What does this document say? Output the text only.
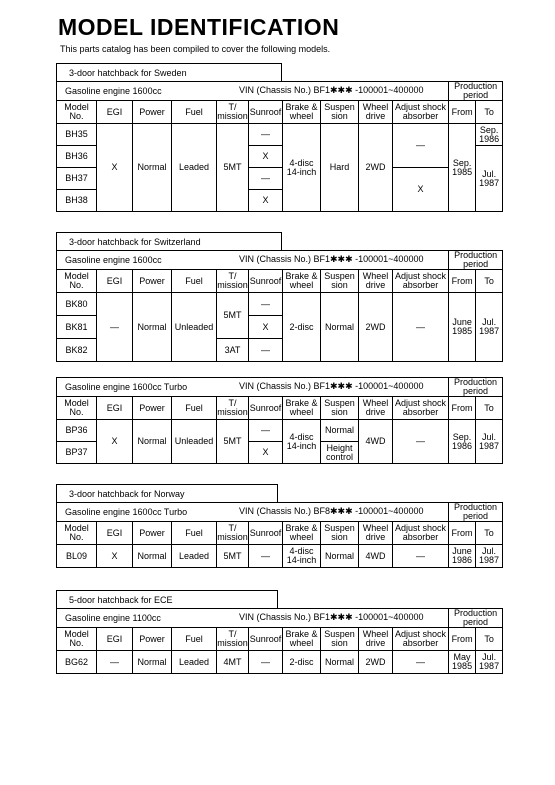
MODEL IDENTIFICATION
This parts catalog has been compiled to cover the following models.
3-door hatchback for Sweden
Gasoline engine 1600cc VIN (Chassis No.) BF1✱✱✱ -100001~400000										Production period	
Model No.	EGI	Power	Fuel	T/ mission	Sunroof	Brake & wheel	Suspen sion	Wheel drive	Adjust shock absorber	From	To
BH35	X	Normal	Leaded	5MT	—	4-disc 14-inch	Hard	2WD	—	Sep. 1985	Sep. 1986
BH36					X						Jul. 1987
BH37					—				X		
BH38					X						
3-door hatchback for Switzerland
Gasoline engine 1600cc VIN (Chassis No.) BF1✱✱✱ -100001~400000										Production period	
Model No.	EGI	Power	Fuel	T/ mission	Sunroof	Brake & wheel	Suspen sion	Wheel drive	Adjust shock absorber	From	To
BK80	—	Normal	Unleaded	5MT	—	2-disc	Normal	2WD	—	June 1985	Jul. 1987
BK81					X						
BK82				3AT	—						
Gasoline engine 1600cc Turbo VIN (Chassis No.) BF1✱✱✱ -100001~400000										Production period	
Model No.	EGI	Power	Fuel	T/ mission	Sunroof	Brake & wheel	Suspen sion	Wheel drive	Adjust shock absorber	From	To
BP36	X	Normal	Unleaded	5MT	—	4-disc 14-inch	Normal	4WD	—	Sep. 1986	Jul. 1987
BP37					X		Height control				
3-door hatchback for Norway
Gasoline engine 1600cc Turbo VIN (Chassis No.) BF8✱✱✱ -100001~400000										Production period	
Model No.	EGI	Power	Fuel	T/ mission	Sunroof	Brake & wheel	Suspen sion	Wheel drive	Adjust shock absorber	From	To
BL09	X	Normal	Leaded	5MT	—	4-disc 14-inch	Normal	4WD	—	June 1986	Jul. 1987
5-door hatchback for ECE
Gasoline engine 1100cc VIN (Chassis No.) BF1✱✱✱ -100001~400000										Production period	
Model No.	EGI	Power	Fuel	T/ mission	Sunroof	Brake & wheel	Suspen sion	Wheel drive	Adjust shock absorber	From	To
BG62	—	Normal	Leaded	4MT	—	2-disc	Normal	2WD	—	May 1985	Jul. 1987
